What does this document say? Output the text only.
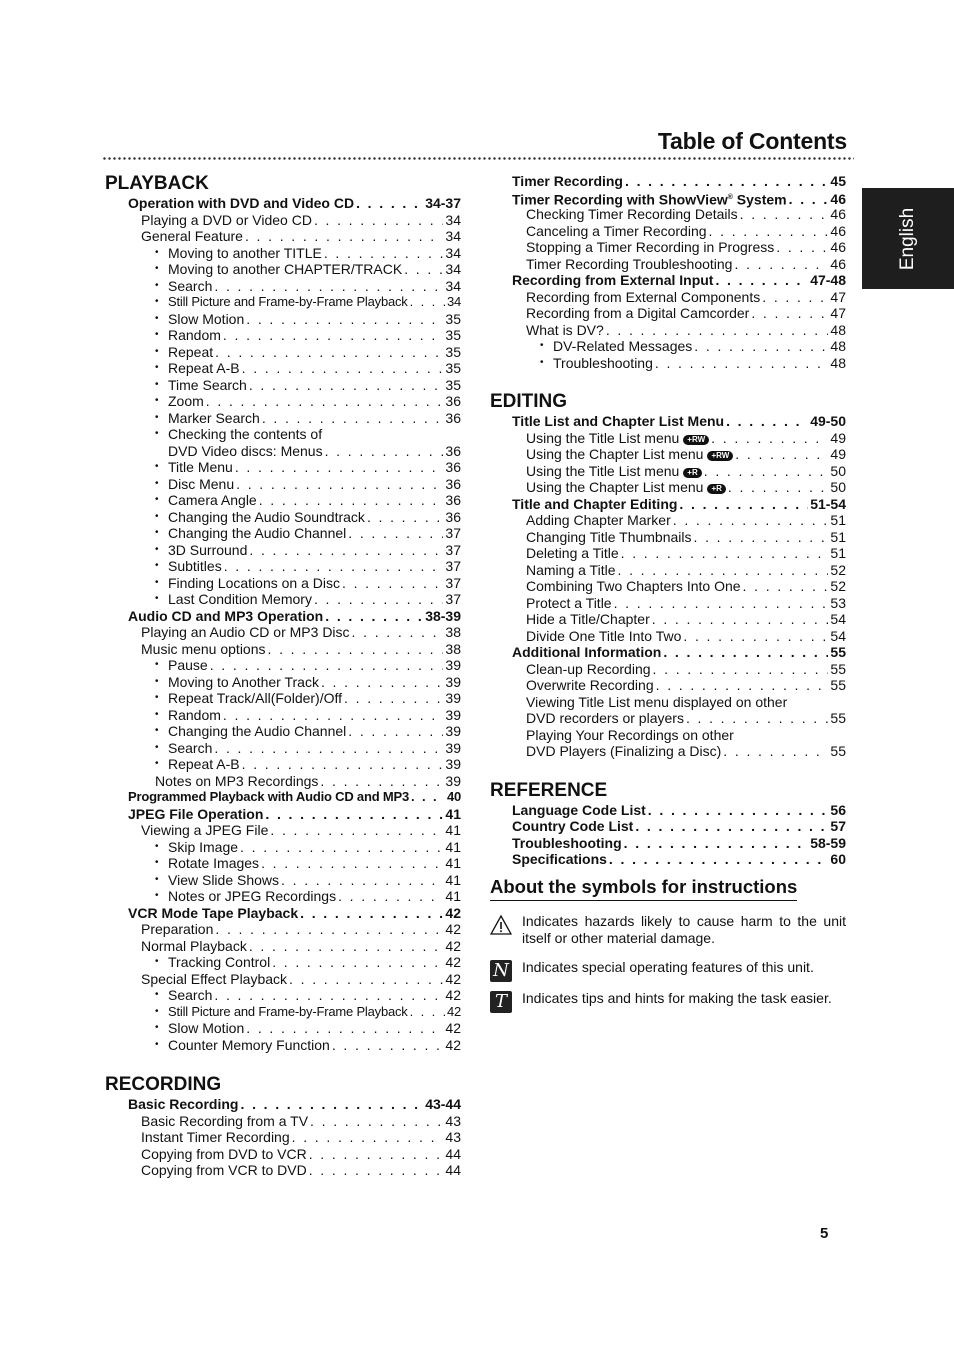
Table of Contents
English
PLAYBACK
Operation with DVD and Video CD . . .	34-37
Playing a DVD or Video CD . . .	34
General Feature . . .	34
• Moving to another TITLE . . .	34
• Moving to another CHAPTER/TRACK . . .	34
• Search . . .	34
• Still Picture and Frame-by-Frame Playback . . .	34
• Slow Motion . . .	35
• Random . . .	35
• Repeat . . .	35
• Repeat A-B . . .	35
• Time Search . . .	35
• Zoom . . .	36
• Marker Search . . .	36
• Checking the contents of
DVD Video discs: Menus . . .	36
• Title Menu . . .	36
• Disc Menu . . .	36
• Camera Angle . . .	36
• Changing the Audio Soundtrack . . .	36
• Changing the Audio Channel . . .	37
• 3D Surround . . .	37
• Subtitles . . .	37
• Finding Locations on a Disc . . .	37
• Last Condition Memory . . .	37
Audio CD and MP3 Operation . . .	38-39
Playing an Audio CD or MP3 Disc . . .	38
Music menu options . . .	38
• Pause . . .	39
• Moving to Another Track . . .	39
• Repeat Track/All(Folder)/Off . . .	39
• Random . . .	39
• Changing the Audio Channel . . .	39
• Search . . .	39
• Repeat A-B . . .	39
Notes on MP3 Recordings . . .	39
Programmed Playback with Audio CD and MP3 . . .	40
JPEG File Operation . . .	41
Viewing a JPEG File . . .	41
• Skip Image . . .	41
• Rotate Images . . .	41
• View Slide Shows . . .	41
• Notes or JPEG Recordings . . .	41
VCR Mode Tape Playback . . .	42
Preparation . . .	42
Normal Playback . . .	42
• Tracking Control . . .	42
Special Effect Playback . . .	42
• Search . . .	42
• Still Picture and Frame-by-Frame Playback . . .	42
• Slow Motion . . .	42
• Counter Memory Function . . .	42
RECORDING
Basic Recording . . .	43-44
Basic Recording from a TV . . .	43
Instant Timer Recording . . .	43
Copying from DVD to VCR . . .	44
Copying from VCR to DVD . . .	44
Timer Recording . . .	45
Timer Recording with ShowView® System . . .	46
Checking Timer Recording Details . . .	46
Canceling a Timer Recording . . .	46
Stopping a Timer Recording in Progress . . .	46
Timer Recording Troubleshooting . . .	46
Recording from External Input . . .	47-48
Recording from External Components . . .	47
Recording from a Digital Camcorder . . .	47
What is DV? . . .	48
• DV-Related Messages . . .	48
• Troubleshooting . . .	48
EDITING
Title List and Chapter List Menu . . .	49-50
Using the Title List menu +RW . . .	49
Using the Chapter List menu +RW . . .	49
Using the Title List menu +R . . .	50
Using the Chapter List menu +R . . .	50
Title and Chapter Editing . . .	51-54
Adding Chapter Marker . . .	51
Changing Title Thumbnails . . .	51
Deleting a Title . . .	51
Naming a Title . . .	52
Combining Two Chapters Into One . . .	52
Protect a Title . . .	53
Hide a Title/Chapter . . .	54
Divide One Title Into Two . . .	54
Additional Information . . .	55
Clean-up Recording . . .	55
Overwrite Recording . . .	55
Viewing Title List menu displayed on other
DVD recorders or players . . .	55
Playing Your Recordings on other
DVD Players (Finalizing a Disc) . . .	55
REFERENCE
Language Code List . . .	56
Country Code List . . .	57
Troubleshooting . . .	58-59
Specifications . . .	60
About the symbols for instructions
Indicates hazards likely to cause harm to the unit itself or other material damage.
N Indicates special operating features of this unit.
T	Indicates tips and hints for making the task easier.
5
